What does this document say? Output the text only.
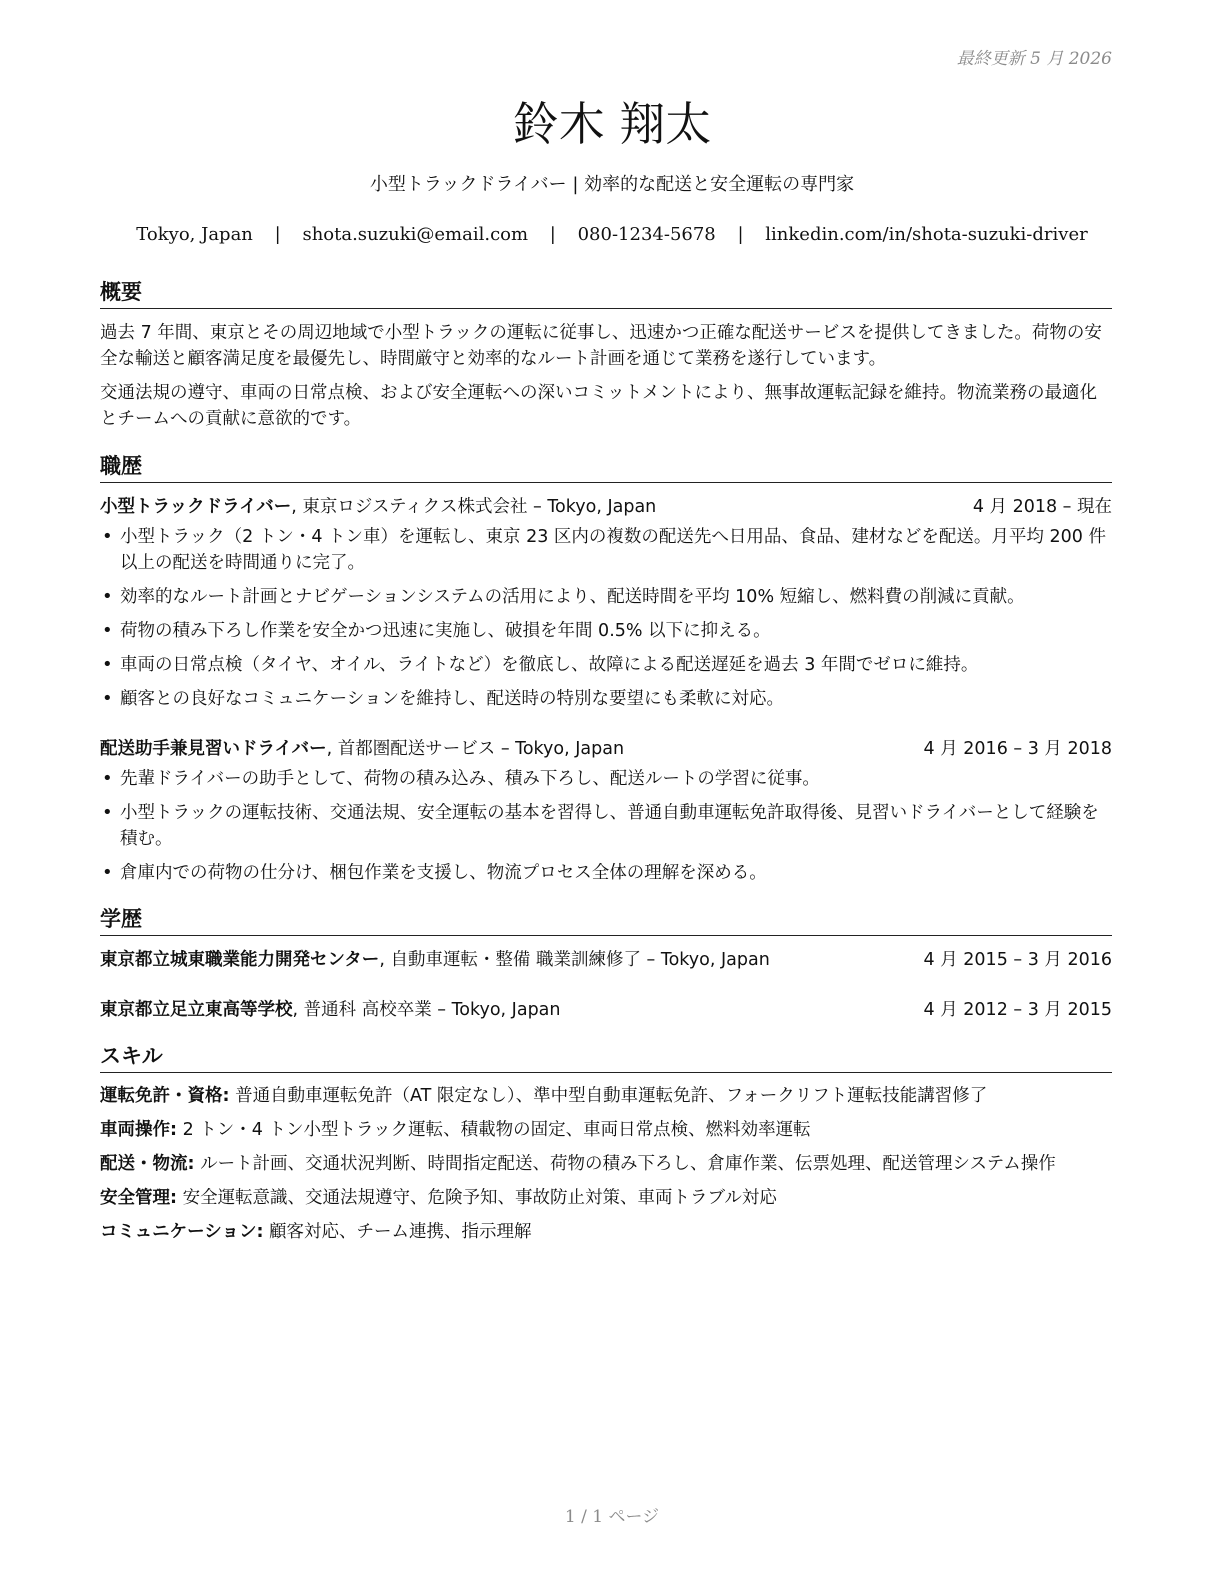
最終更新 5 月 2026
鈴木 翔太
小型トラックドライバー | 効率的な配送と安全運転の専門家
Tokyo, Japan | shota.suzuki@email.com | 080-1234-5678 | linkedin.com/in/shota-suzuki-driver
概要

過去 7 年間、東京とその周辺地域で小型トラックの運転に従事し、迅速かつ正確な配送サービスを提供してきました。荷物の安全な輸送と顧客満足度を最優先し、時間厳守と効率的なルート計画を通じて業務を遂行しています。

交通法規の遵守、車両の日常点検、および安全運転への深いコミットメントにより、無事故運転記録を維持。物流業務の最適化とチームへの貢献に意欲的です。

職歴
小型トラックドライバー, 東京ロジスティクス株式会社 – Tokyo, Japan	4 月 2018 – 現在
• 小型トラック（2 トン・4 トン車）を運転し、東京 23 区内の複数の配送先へ日用品、食品、建材などを配送。月平均 200 件以上の配送を時間通りに完了。
• 効率的なルート計画とナビゲーションシステムの活用により、配送時間を平均 10% 短縮し、燃料費の削減に貢献。
• 荷物の積み下ろし作業を安全かつ迅速に実施し、破損を年間 0.5% 以下に抑える。
• 車両の日常点検（タイヤ、オイル、ライトなど）を徹底し、故障による配送遅延を過去 3 年間でゼロに維持。
• 顧客との良好なコミュニケーションを維持し、配送時の特別な要望にも柔軟に対応。
配送助手兼見習いドライバー, 首都圏配送サービス – Tokyo, Japan	4 月 2016 – 3 月 2018
• 先輩ドライバーの助手として、荷物の積み込み、積み下ろし、配送ルートの学習に従事。
• 小型トラックの運転技術、交通法規、安全運転の基本を習得し、普通自動車運転免許取得後、見習いドライバーとして経験を積む。
• 倉庫内での荷物の仕分け、梱包作業を支援し、物流プロセス全体の理解を深める。
学歴
東京都立城東職業能力開発センター, 自動車運転・整備 職業訓練修了 – Tokyo, Japan	4 月 2015 – 3 月 2016
東京都立足立東高等学校, 普通科 高校卒業 – Tokyo, Japan	4 月 2012 – 3 月 2015
スキル
運転免許・資格: 普通自動車運転免許（AT 限定なし）、準中型自動車運転免許、フォークリフト運転技能講習修了
車両操作: 2 トン・4 トン小型トラック運転、積載物の固定、車両日常点検、燃料効率運転
配送・物流: ルート計画、交通状況判断、時間指定配送、荷物の積み下ろし、倉庫作業、伝票処理、配送管理システム操作
安全管理: 安全運転意識、交通法規遵守、危険予知、事故防止対策、車両トラブル対応
コミュニケーション: 顧客対応、チーム連携、指示理解
1 / 1 ページ
